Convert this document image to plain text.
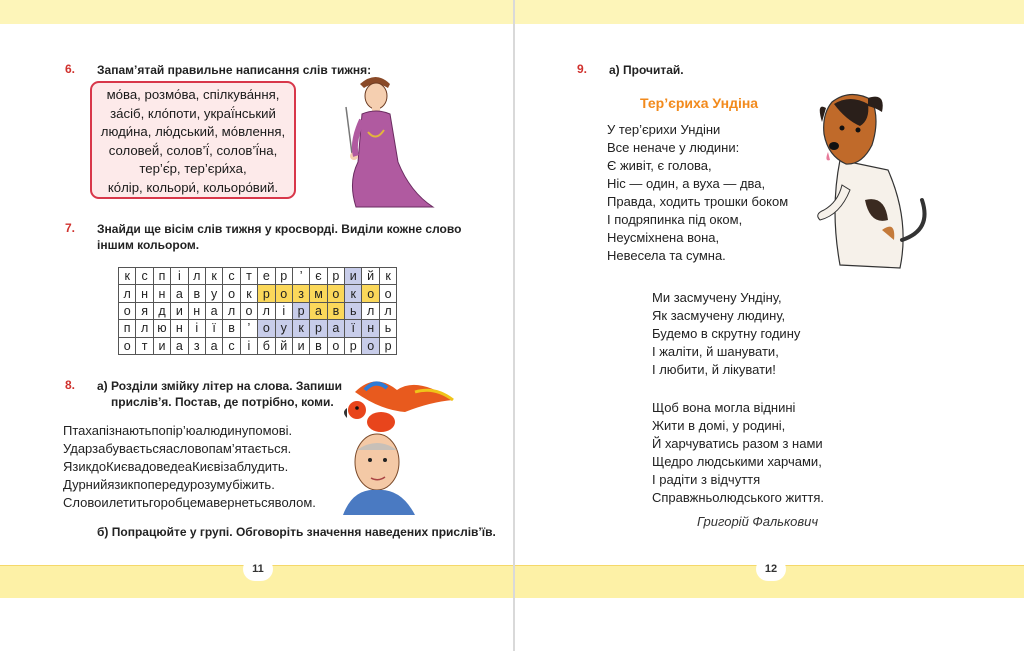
6. Запам’ятай правильне написання слів тижня:
мо́ва, розмо́ва, спілкува́ння,
за́сіб, кло́поти, украї́нський
люди́на, лю́дський, мо́влення,
соловей́, солов’ї́, солов’ї́на,
тер’є́р, тер’єри́ха,
ко́лір, кольори́, кольоро́вий.
7. Знайди ще вісім слів тижня у кросворді. Виділи кожне слово
іншим кольором.
к	с	п	і	л	к	с	т	е	р	’	є	р	и	й	к
л	н	н	а	в	у	о	к	р	о	з	м	о	к	о	о
о	я	д	и	н	а	л	о	л	і	р	а	в	ь	л	л
п	л	ю	н	і	ї	в	’	о	у	к	р	а	ї	н	ь
о	т	и	а	з	а	с	і	б	й	и	в	о	р	о	р
8. а) Розділи змійку літер на слова. Запиши
прислів’я. Постав, де потрібно, коми.
Птахапізнаютьпопір’юалюдинупомові.
Ударзабуваєтьсяасловопам’ятається.
ЯзикдоКиєвадоведеаКиєвізаблудить.
Дурнийязикпопередурозумубіжить.
Словоилетитьгоробцемавернетьсяволом.
б) Попрацюйте у групі. Обговоріть значення наведених прислів’їв.
11
9. а) Прочитай.
Тер’єриха Ундіна
У тер’єрихи Ундіни
Все неначе у людини:
Є живіт, є голова,
Ніс — один, а вуха — два,
Правда, ходить трошки боком
І подряпинка під оком,
Неусміхнена вона,
Невесела та сумна.
Ми засмучену Ундіну,
Як засмучену людину,
Будемо в скрутну годину
І жаліти, й шанувати,
І любити, й лікувати!
Щоб вона могла віднині
Жити в домі, у родині,
Й харчуватись разом з нами
Щедро людськими харчами,
І радіти з відчуття
Справжньолюдського життя.
Григорій Фалькович
12
